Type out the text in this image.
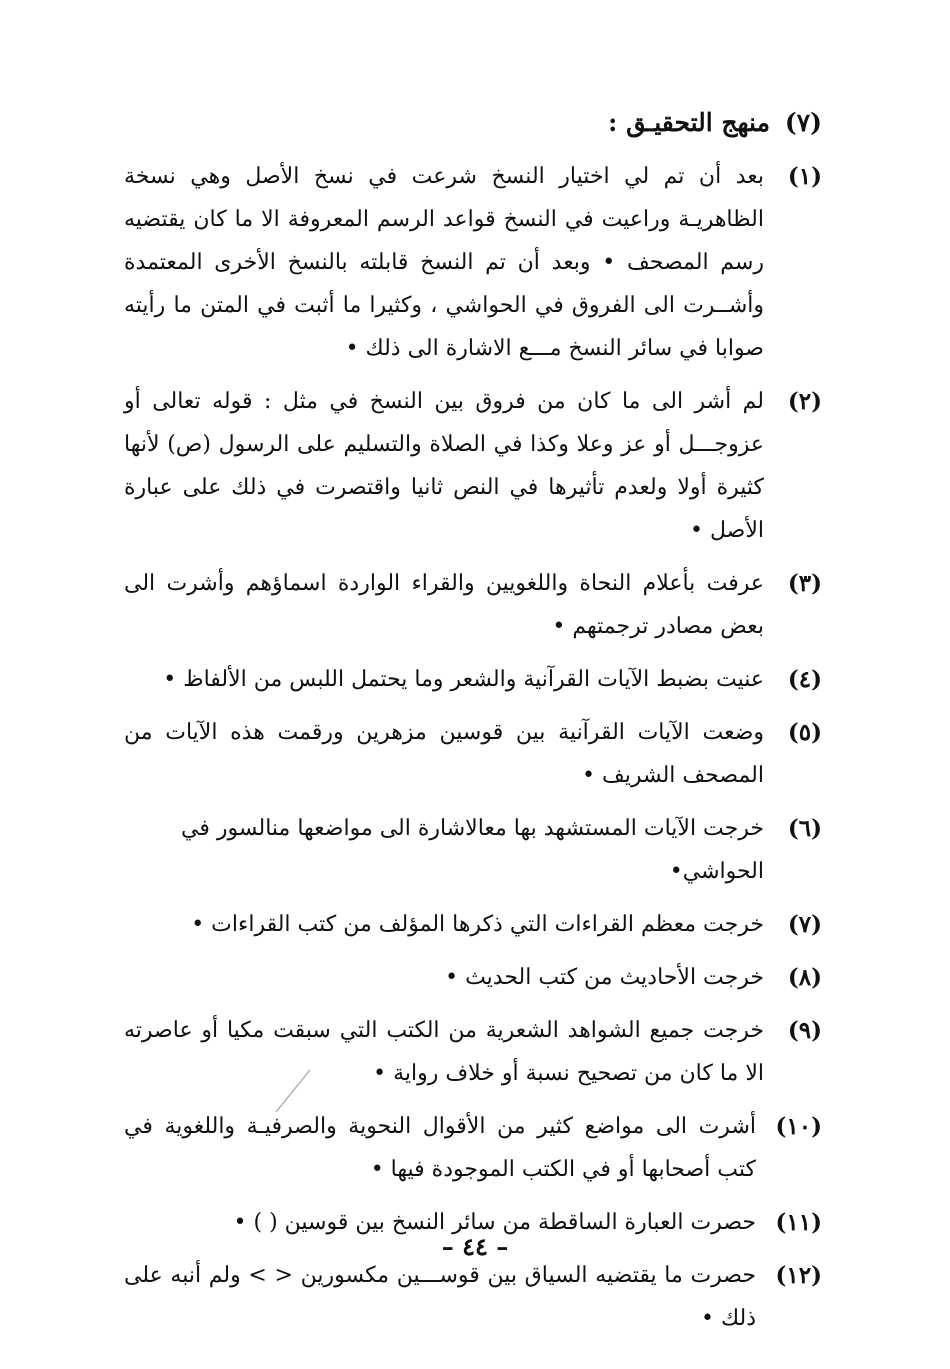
(٧)
منهج التحقيـق :
(١)
بعد أن تم لي اختيار النسخ شرعت في نسخ الأصل وهي نسخة الظاهريـة وراعيت في النسخ قواعد الرسم المعروفة الا ما كان يقتضيه رسم المصحف • وبعد أن تم النسخ قابلته بالنسخ الأخرى المعتمدة وأشــرت الى الفروق في الحواشي ، وكثيرا ما أثبت في المتن ما رأيته صوابا في سائر النسخ مـــع الاشارة الى ذلك •
(٢)
لم أشر الى ما كان من فروق بين النسخ في مثل : قوله تعالى أو عزوجـــل أو عز وعلا وكذا في الصلاة والتسليم على الرسول (ص) لأنها كثيرة أولا ولعدم تأثيرها في النص ثانيا واقتصرت في ذلك على عبارة الأصل •
(٣)
عرفت بأعلام النحاة واللغويين والقراء الواردة اسماؤهم وأشرت الى بعض مصادر ترجمتهم •
(٤)
عنيت بضبط الآيات القرآنية والشعر وما يحتمل اللبس من الألفاظ •
(٥)
وضعت الآيات القرآنية بين قوسين مزهرين ورقمت هذه الآيات من المصحف الشريف •
(٦)
خرجت الآيات المستشهد بها معالاشارة الى مواضعها منالسور في الحواشي•
(٧)
خرجت معظم القراءات التي ذكرها المؤلف من كتب القراءات •
(٨)
خرجت الأحاديث من كتب الحديث •
(٩)
خرجت جميع الشواهد الشعرية من الكتب التي سبقت مكيا أو عاصرته الا ما كان من تصحيح نسبة أو خلاف رواية •
(١٠)
أشرت الى مواضع كثير من الأقوال النحوية والصرفيـة واللغوية في كتب أصحابها أو في الكتب الموجودة فيها •
(١١)
حصرت العبارة الساقطة من سائر النسخ بين قوسين ( ) •
(١٢)
حصرت ما يقتضيه السياق بين قوســـين مكسورين < > ولم أنبه على ذلك •
– ٤٤ –
